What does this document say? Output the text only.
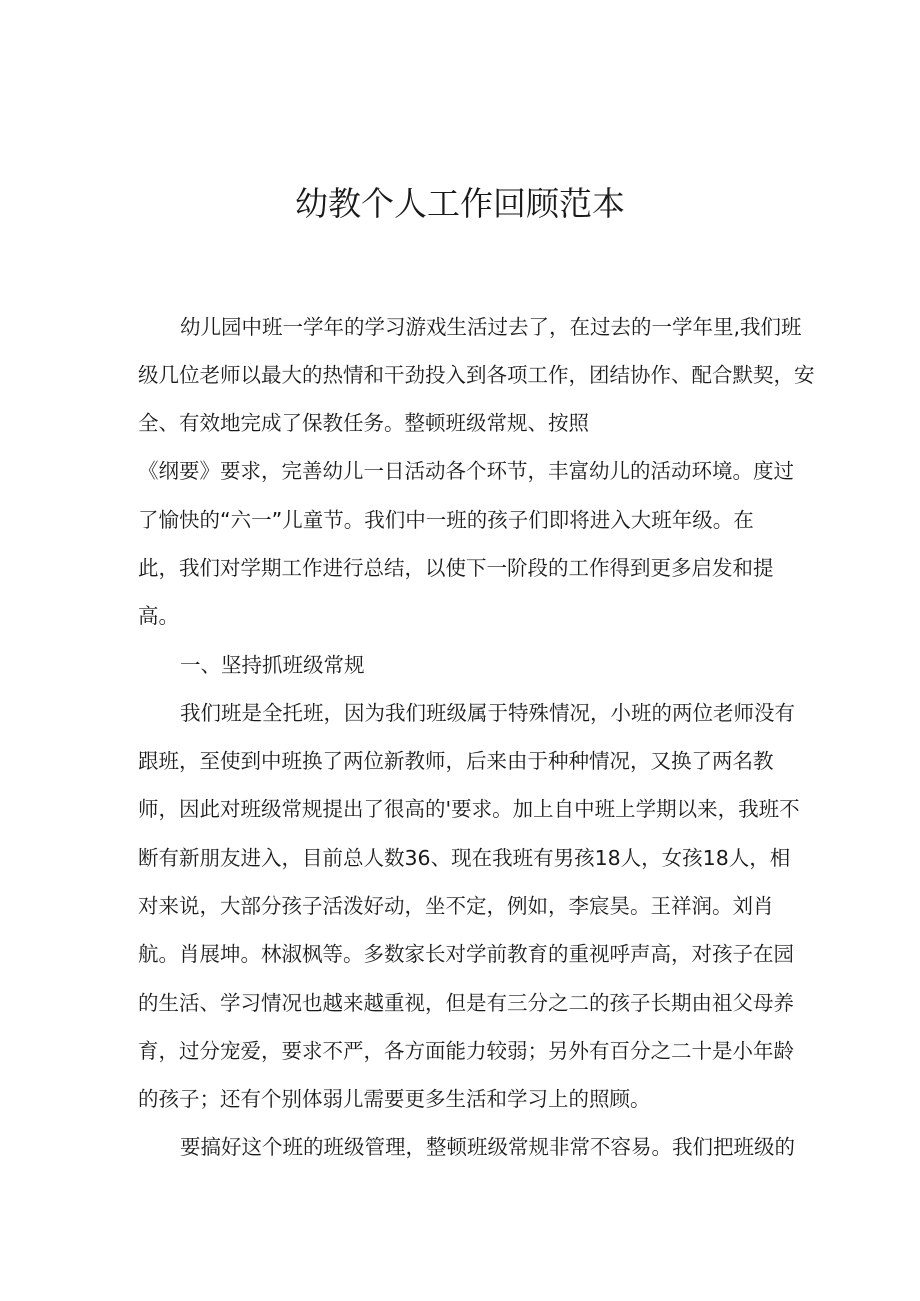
幼教个人工作回顾范本
幼儿园中班一学年的学习游戏生活过去了，在过去的一学年里,我们班
级几位老师以最大的热情和干劲投入到各项工作，团结协作、配合默契，安
全、有效地完成了保教任务。整顿班级常规、按照
《纲要》要求，完善幼儿一日活动各个环节，丰富幼儿的活动环境。度过
了愉快的“六一”儿童节。我们中一班的孩子们即将进入大班年级。在
此，我们对学期工作进行总结，以使下一阶段的工作得到更多启发和提
高。
一、坚持抓班级常规
我们班是全托班，因为我们班级属于特殊情况，小班的两位老师没有
跟班，至使到中班换了两位新教师，后来由于种种情况，又换了两名教
师，因此对班级常规提出了很高的'要求。加上自中班上学期以来，我班不
断有新朋友进入，目前总人数36、现在我班有男孩18人，女孩18人，相
对来说，大部分孩子活泼好动，坐不定，例如，李宸昊。王祥润。刘肖
航。肖展坤。林淑枫等。多数家长对学前教育的重视呼声高，对孩子在园
的生活、学习情况也越来越重视，但是有三分之二的孩子长期由祖父母养
育，过分宠爱，要求不严，各方面能力较弱；另外有百分之二十是小年龄
的孩子；还有个别体弱儿需要更多生活和学习上的照顾。
要搞好这个班的班级管理，整顿班级常规非常不容易。我们把班级的
